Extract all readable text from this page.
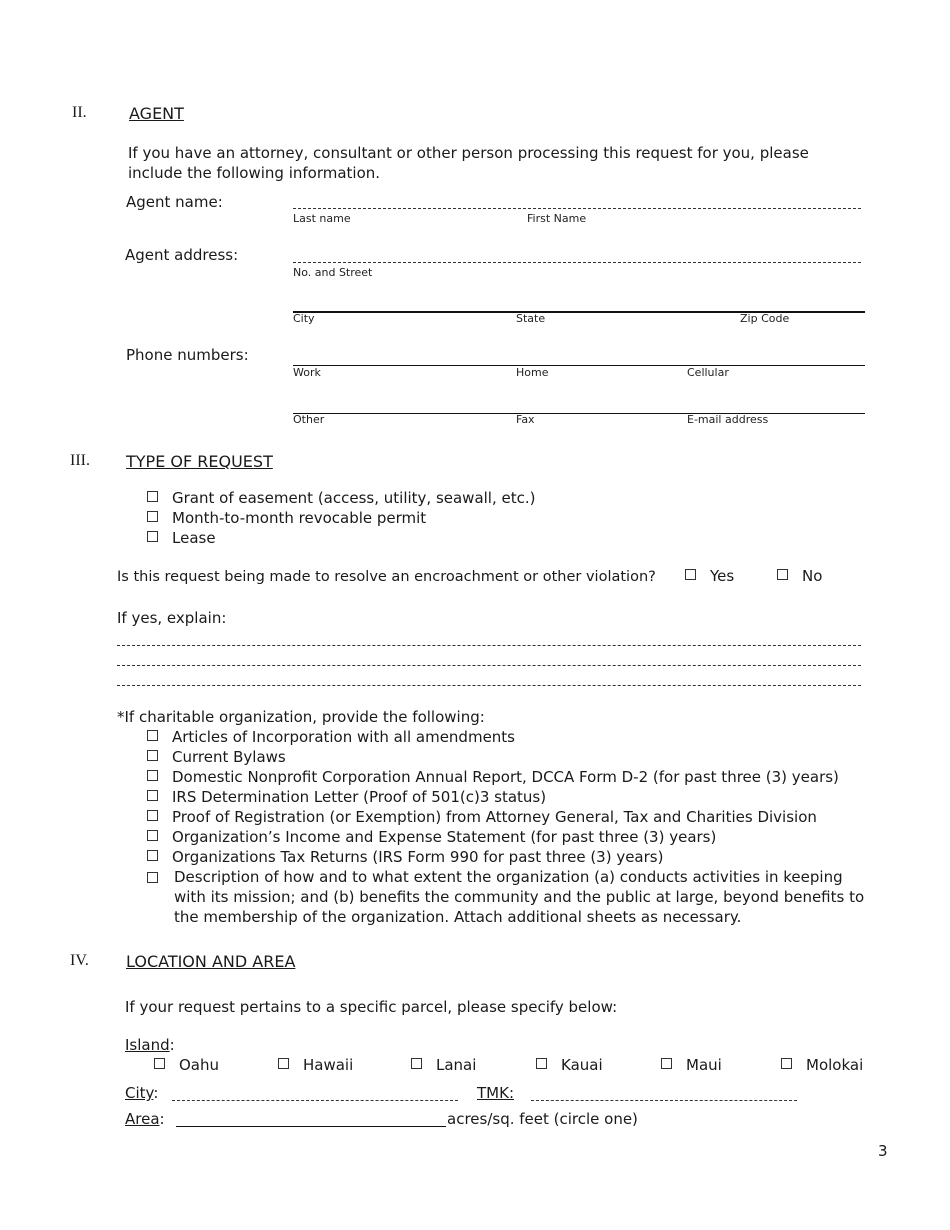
II.	AGENT
If you have an attorney, consultant or other person processing this request for you, please
include the following information.
Agent name:
Last name	First Name
Agent address:
No. and Street
City	State	Zip Code
Phone numbers:
Work	Home	Cellular
Other	Fax	E-mail address
III. TYPE OF REQUEST
Grant of easement (access, utility, seawall, etc.)
Month-to-month revocable permit
Lease
Is this request being made to resolve an encroachment or other violation?	Yes	No
If yes, explain:
*If charitable organization, provide the following:
Articles of Incorporation with all amendments
Current Bylaws
Domestic Nonprofit Corporation Annual Report, DCCA Form D-2 (for past three (3) years)
IRS Determination Letter (Proof of 501(c)3 status)
Proof of Registration (or Exemption) from Attorney General, Tax and Charities Division
Organization’s Income and Expense Statement (for past three (3) years)
Organizations Tax Returns (IRS Form 990 for past three (3) years)
Description of how and to what extent the organization (a) conducts activities in keeping with its mission; and (b) benefits the community and the public at large, beyond benefits to the membership of the organization. Attach additional sheets as necessary.
IV. LOCATION AND AREA
If your request pertains to a specific parcel, please specify below:
Island:
Oahu	Hawaii	Lanai	Kauai	Maui	Molokai
City:	TMK:
Area:	acres/sq. feet (circle one)
3
